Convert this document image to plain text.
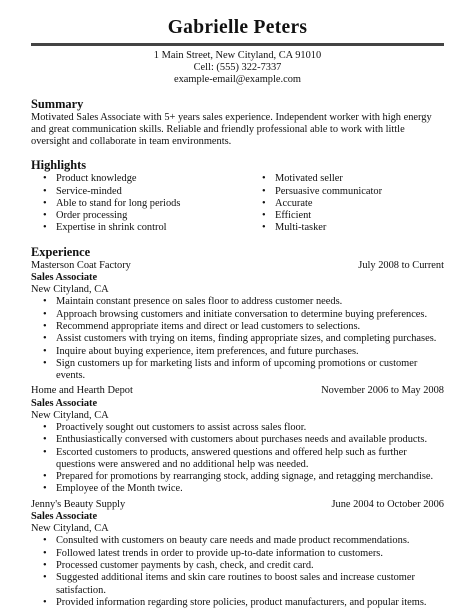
Gabrielle Peters
1 Main Street, New Cityland, CA 91010
Cell: (555) 322-7337
example-email@example.com
Summary

Motivated Sales Associate with 5+ years sales experience. Independent worker with high energy and great communication skills. Reliable and friendly professional able to work with little oversight and collaborate in team environments.

Highlights
• Product knowledge
• Service-minded
• Able to stand for long periods
• Order processing
• Expertise in shrink control
• Motivated seller
• Persuasive communicator
• Accurate
• Efficient
• Multi-tasker
Experience
Masterson Coat Factory	July 2008 to Current
Sales Associate
New Cityland, CA
• Maintain constant presence on sales floor to address customer needs.
• Approach browsing customers and initiate conversation to determine buying preferences.
• Recommend appropriate items and direct or lead customers to selections.
• Assist customers with trying on items, finding appropriate sizes, and completing purchases.
• Inquire about buying experience, item preferences, and future purchases.
• Sign customers up for marketing lists and inform of upcoming promotions or customer events.
Home and Hearth Depot	November 2006 to May 2008
Sales Associate
New Cityland, CA
• Proactively sought out customers to assist across sales floor.
• Enthusiastically conversed with customers about purchases needs and available products.
• Escorted customers to products, answered questions and offered help such as further questions were answered and no additional help was needed.
• Prepared for promotions by rearranging stock, adding signage, and retagging merchandise.
• Employee of the Month twice.
Jenny's Beauty Supply	June 2004 to October 2006
Sales Associate
New Cityland, CA
• Consulted with customers on beauty care needs and made product recommendations.
• Followed latest trends in order to provide up-to-date information to customers.
• Processed customer payments by cash, check, and credit card.
• Suggested additional items and skin care routines to boost sales and increase customer satisfaction.
• Provided information regarding store policies, product manufacturers, and popular items.
